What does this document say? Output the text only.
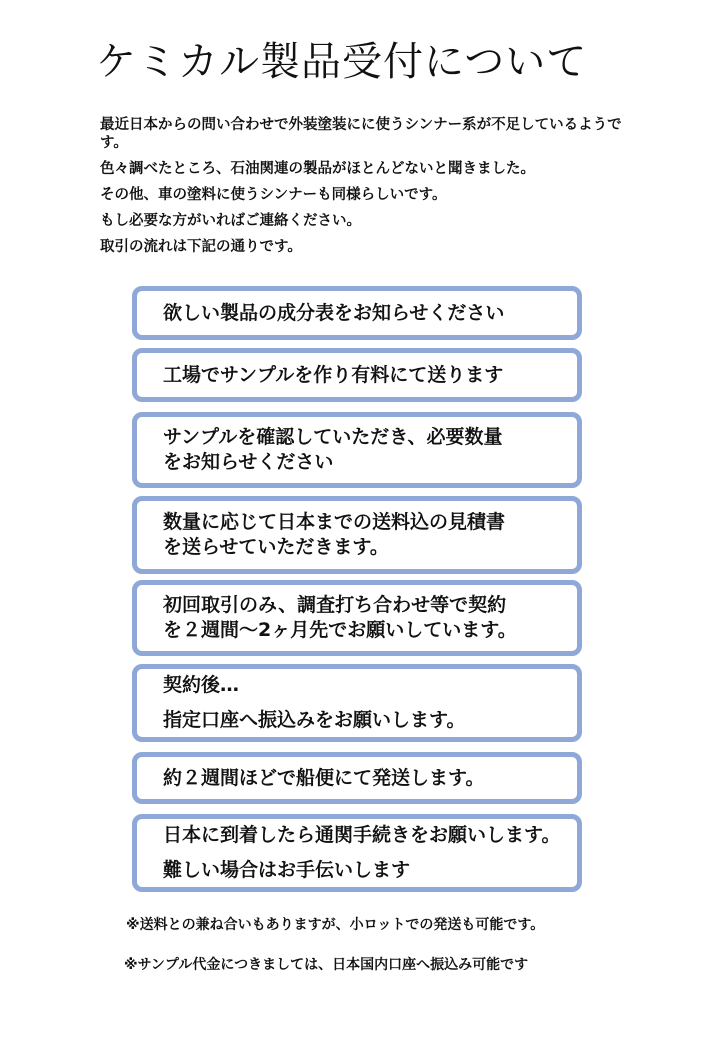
ケミカル製品受付について

最近日本からの問い合わせで外装塗装にに使うシンナー系が不足しているようです。

色々調べたところ、石油関連の製品がほとんどないと聞きました。

その他、車の塗料に使うシンナーも同様らしいです。

もし必要な方がいればご連絡ください。

取引の流れは下記の通りです。

欲しい製品の成分表をお知らせください
工場でサンプルを作り有料にて送ります
サンプルを確認していただき、必要数量
をお知らせください
数量に応じて日本までの送料込の見積書
を送らせていただきます。
初回取引のみ、調査打ち合わせ等で契約
を２週間～2ヶ月先でお願いしています。
契約後…
指定口座へ振込みをお願いします。
約２週間ほどで船便にて発送します。
日本に到着したら通関手続きをお願いします。
難しい場合はお手伝いします
※送料との兼ね合いもありますが、小ロットでの発送も可能です。
※サンプル代金につきましては、日本国内口座へ振込み可能です
